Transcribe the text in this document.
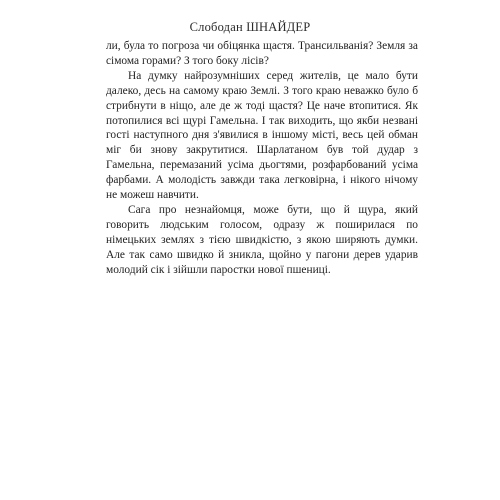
Слободан ШНАЙДЕР

ли, була то погроза чи обіцянка щастя. Трансильванія? Земля за сімома горами? З того боку лісів?

На думку найрозумніших серед жителів, це мало бути далеко, десь на самому краю Землі. З того краю неважко було б стрибнути в ніщо, але де ж тоді щастя? Це наче втопитися. Як потопилися всі щурі Гамельна. І так виходить, що якби незвані гості наступного дня з'явилися в іншому місті, весь цей обман міг би знову закрутитися. Шарлатаном був той дудар з Гамельна, перемазаний усіма дьогтями, розфарбований усіма фарбами. А молодість завжди така легковірна, і нікого нічому не можеш навчити.

Сага про незнайомця, може бути, що й щура, який говорить людським голосом, одразу ж поширилася по німецьких землях з тією швидкістю, з якою ширяють думки. Але так само швидко й зникла, щойно у пагони дерев ударив молодий сік і зійшли паростки нової пшениці.
